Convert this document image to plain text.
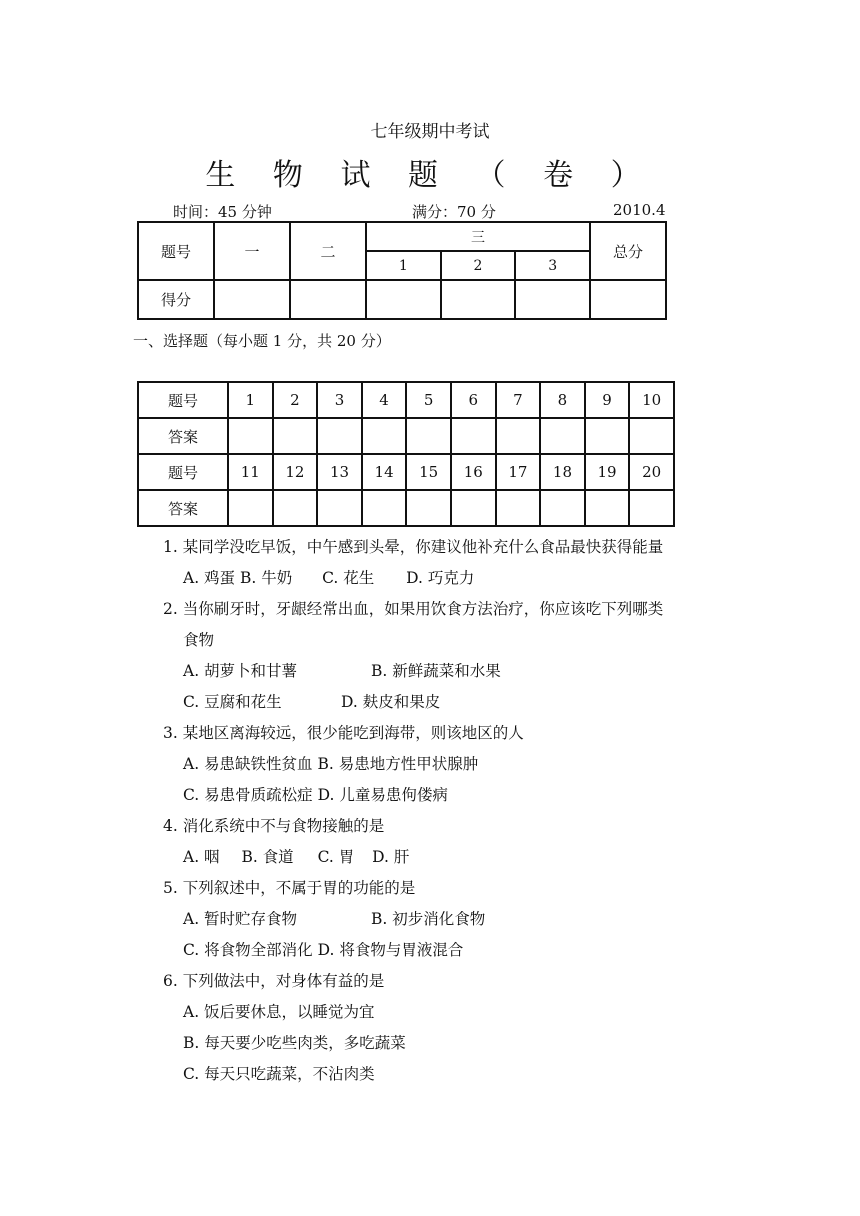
七年级期中考试
生 物 试 题 （ 卷 ）
时间：45 分钟	满分：70 分	2010.4
题号	一	二	三			总分
			1	2	3	
得分						
一、选择题（每小题 1 分，共 20 分）
题号	1	2	3	4	5	6	7	8	9	10
答案										
题号	11	12	13	14	15	16	17	18	19	20
答案										
1. 某同学没吃早饭，中午感到头晕，你建议他补充什么食品最快获得能量
A. 鸡蛋 B. 牛奶 C. 花生 D. 巧克力
2. 当你刷牙时，牙龈经常出血，如果用饮食方法治疗，你应该吃下列哪类
食物
A. 胡萝卜和甘薯	B. 新鲜蔬菜和水果
C. 豆腐和花生	D. 麸皮和果皮
3. 某地区离海较远，很少能吃到海带，则该地区的人
A. 易患缺铁性贫血 B. 易患地方性甲状腺肿
C. 易患骨质疏松症 D. 儿童易患佝偻病
4. 消化系统中不与食物接触的是
A. 咽 B. 食道 C. 胃 D. 肝
5. 下列叙述中，不属于胃的功能的是
A. 暂时贮存食物	B. 初步消化食物
C. 将食物全部消化 D. 将食物与胃液混合
6. 下列做法中，对身体有益的是
A. 饭后要休息，以睡觉为宜
B. 每天要少吃些肉类，多吃蔬菜
C. 每天只吃蔬菜，不沾肉类
